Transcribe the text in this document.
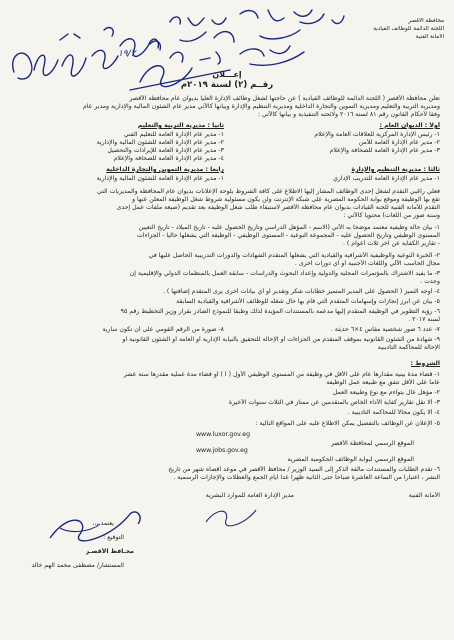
١٩/٢
محافظة الأقصر
اللجنة الدائمة للوظائف القيادية
الأمانة الفنية
إعـــلان
رقــم (٢) لسنة ٢٠١٩م
تعلن محافظة الأقصر ( اللجنة الدائمة للوظائف القيادية ) عن حاجتها لشغل وظائف الإدارة العليا بديوان عام محافظة الأقصر
ومديرية التربية والتعليم ومديرية التموين والتجارة الداخلية ومديرية التنظيم والإدارة وبيانها كالآتي مدير عام الشئون المالية والإدارية ومدير عام
وفقاً لأحكام القانون رقم ٨١ لسنة ٢٠١٦ ولائحته التنفيذية و بيانها كالآتي :
أولاً : الديوان العام :
ثانياً : مديرية التربية والتعليم
١- رئيس الإدارة المركزية للعلاقات العامة والإعلام
٢- مدير عام الإدارة العامة للأمن
٣- مدير عام الإدارة العامة للصحافة والإعلام
١- مدير عام الإدارة العامة للتعليم الفني
٢- مدير عام الإدارة العامة للشئون المالية والإدارية
٣- مدير عام الإدارة العامة للإيرادات والتحصيل
٤- مدير عام الإدارة العامة للصحافة والإعلام
ثالثاً : مديرية التنظيم والإدارة
١- مدير عام الإدارة العامة للتدريب الإداري
رابعاً : مديرية التموين والتجارة الداخلية
١- مدير عام الإدارة العامة للشئون المالية والإدارية
فعلي راغبي التقدم لشغل إحدى الوظائف المشار إليها الاطلاع على كافة الشروط بلوحة الإعلانات بديوان عام المحافظة والمديريات التي
تقع بها الوظيفة وموقع بوابة الحكومة المصرية على شبكة الإنترنت ولن يكون مسئولية شروط شغل الوظيفة المعلن عنها و
التقدم للأمانة الفنية للجنة القيادات بديوان عام محافظة الأقصر لاستيفاء طلب شغل الوظيفة بعد تقديم (صيغة ملفات عمل إحدى
وسنة صور من اللغات) محتوياً كالآتي :
١- بيان حالة وظيفية معتمد موضحاً به الآتي (الاسم - المؤهل الدراسي وتاريخ الحصول عليه - تاريخ الميلاد - تاريخ التعيين
المستوى الوظيفي وتاريخ الحصول عليه - المجموعة النوعية - المستوى الوظيفي - الوظيفة التي يشغلها حالياً - الجزاءات
- تقارير الكفاية عن آخر ثلاث أعوام ) .
٢- الخبرة النوعية والوظيفية الأشرافية والقيادية التي يشغلها المتقدم الشهادات والدورات التدريبية الحاصل عليها في
مجال الحاسب الآلي واللغات الأجنبية أو أي دورات أخرى .
٣- ما يفيد الاشتراك بالمؤتمرات المحلية والدولية وإعداد البحوث والدراسات - سابقة العمل بالمنظمات الدولي والإقليمية إن
وجدت .
٤- أوجه التميز ( الحصول على المدير المتميز خطابات شكر وتقدير أو أي بيانات أخرى يرى المتقدم إضافتها ) .
٥- بيان عن أبرز إنجازات وإسهامات المتقدم التي قام بها حال شغله للوظائف الأشرافية والقيادية السابقة
٦- رؤية التطوير في الوظيفة المتقدم إليها مدعمة بالمستندات المؤيدة لذلك وطبقاً للنموذج الصادر بقرار وزير التخطيط رقم ٩٥
لسنة ٢٠١٧ .
٧- عدد ٦ صور شخصية مقاس ٤×٦ حديثة .
٨- صورة من الرقم القومي على أن تكون سارية
٩- شهادة من الشئون القانونية بموقف المتقدم من الجزاءات أو الإحالة للتحقيق بالنيابة الإدارية أو العامة أو الشئون القانونية أو
الإحالة للمحاكمة التأديبية
الشروط :
١- قضاء مدة بينية مقدارها عام على الأقل في وظيفة من المستوى الوظيفي الأول ( أ ) أو قضاء مدة عملية مقدرها ستة عشر
عاماً على الأقل تتفق مع طبيعة عمل الوظيفة
٢- مؤهل عال يتواءم مع نوع وطبيعة العمل
٣- ألا تقل تقارير كفاية الأداء الخاص بالمتقدمين عن ممتاز في الثلاث سنوات الأخيرة
٤- ألا يكون محالاً للمحاكمة التأديبية .
٥- الإعلان عن الوظائف بالتفصيل يمكن الاطلاع عليه على المواقع التالية :
الموقع الرسمي لمحافظة الأقصر
الموقع الرسمي لبوابة الوظائف الحكومية المصرية
www.luxor.gov.eg
www.jobs.gov.eg
٦- تقدم الطلبات والمستندات مالفة الذكر إلى السيد الوزير / محافظ الأقصر في موعد أقصاه شهر من تاريخ
النشر ، اعتباراً من الساعة العاشرة صباحاً حتى الثانية ظهراً عدا أيام الجمع والعطلات والإجازات الرسمية .
الأمانة الفنية
مدير الإدارة العامة للموارد البشرية
يعتمد ،،،
التوقيع :
محـافظ الأقصـر
المستشار/ مصطفى محمد الهم خالد
